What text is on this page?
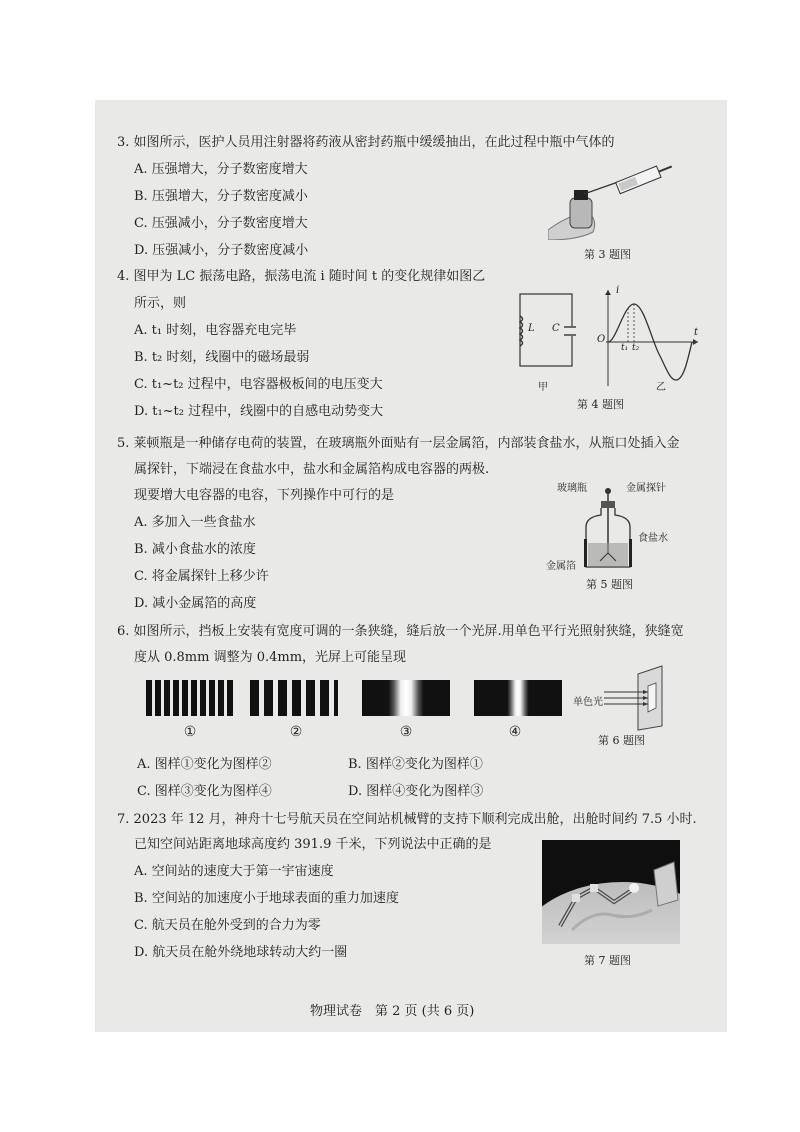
3. 如图所示，医护人员用注射器将药液从密封药瓶中缓缓抽出，在此过程中瓶中气体的
A. 压强增大，分子数密度增大
B. 压强增大，分子数密度减小
C. 压强减小，分子数密度增大
D. 压强减小，分子数密度减小	第 3 题图
4. 图甲为 LC 振荡电路，振荡电流 i 随时间 t 的变化规律如图乙
所示，则
A. t₁ 时刻，电容器充电完毕
B. t₂ 时刻，线圈中的磁场最弱
C. t₁~t₂ 过程中，电容器极板间的电压变大
D. t₁~t₂ 过程中，线圈中的自感电动势变大
L C
甲
i
t
O
t₁ t₂
乙
第 4 题图
5. 莱顿瓶是一种储存电荷的装置，在玻璃瓶外面贴有一层金属箔，内部装食盐水，从瓶口处插入金
属探针，下端浸在食盐水中，盐水和金属箔构成电容器的两极.
现要增大电容器的电容，下列操作中可行的是
A. 多加入一些食盐水
B. 减小食盐水的浓度
C. 将金属探针上移少许
D. 减小金属箔的高度
玻璃瓶	金属探针
食盐水
金属箔
第 5 题图
6. 如图所示，挡板上安装有宽度可调的一条狭缝，缝后放一个光屏.用单色平行光照射狭缝，狭缝宽
度从 0.8mm 调整为 0.4mm，光屏上可能呈现
①	②	③	④
单色光
A. 图样①变化为图样②	B. 图样②变化为图样①
C. 图样③变化为图样④	D. 图样④变化为图样③
第 6 题图
7. 2023 年 12 月，神舟十七号航天员在空间站机械臂的支持下顺利完成出舱，出舱时间约 7.5 小时.
已知空间站距离地球高度约 391.9 千米，下列说法中正确的是
A. 空间站的速度大于第一宇宙速度
B. 空间站的加速度小于地球表面的重力加速度
C. 航天员在舱外受到的合力为零
D. 航天员在舱外绕地球转动大约一圈
第 7 题图
物理试卷　第 2 页 (共 6 页)
